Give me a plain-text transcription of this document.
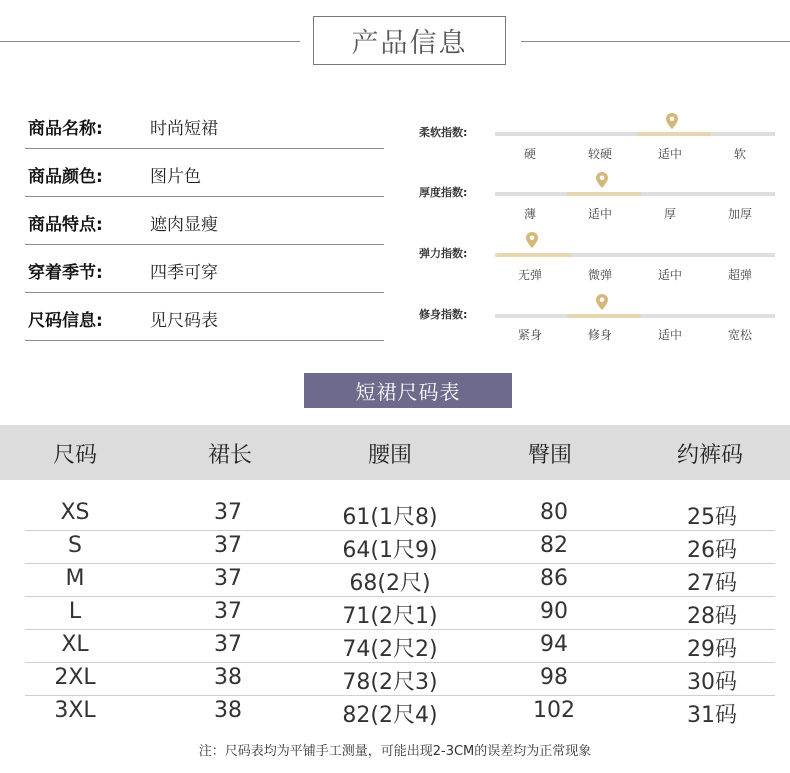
产品信息
商品名称:	时尚短裙
商品颜色:	图片色
商品特点:	遮肉显瘦
穿着季节:	四季可穿
尺码信息:	见尺码表
柔软指数:
硬	较硬	适中	软
厚度指数:
薄	适中	厚	加厚
弹力指数:
无弹	微弹	适中	超弹
修身指数:
紧身	修身	适中	宽松
短裙尺码表
尺码	裙长	腰围	臀围	约裤码
XS	37	61(1尺8)	80	25码
S	37	64(1尺9)	82	26码
M	37	68(2尺)	86	27码
L	37	71(2尺1)	90	28码
XL	37	74(2尺2)	94	29码
2XL	38	78(2尺3)	98	30码
3XL	38	82(2尺4)	102	31码
注：尺码表均为平铺手工测量，可能出现2-3CM的误差均为正常现象
